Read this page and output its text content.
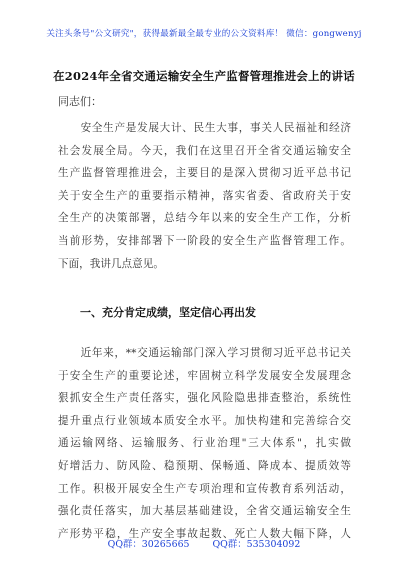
关注头条号"公文研究"，获得最新最全最专业的公文资料库！ 微信：gongwenyj
在2024年全省交通运输安全生产监督管理推进会上的讲话
同志们：
　　安全生产是发展大计、民生大事，事关人民福祉和经济
社会发展全局。今天，我们在这里召开全省交通运输安全
生产监督管理推进会，主要目的是深入贯彻习近平总书记
关于安全生产的重要指示精神，落实省委、省政府关于安
全生产的决策部署，总结今年以来的安全生产工作，分析
当前形势，安排部署下一阶段的安全生产监督管理工作。
下面，我讲几点意见。
一、充分肯定成绩，坚定信心再出发
　　近年来，**交通运输部门深入学习贯彻习近平总书记关
于安全生产的重要论述，牢固树立科学发展安全发展理念
狠抓安全生产责任落实，强化风险隐患排查整治，系统性
提升重点行业领域本质安全水平。加快构建和完善综合交
通运输网络、运输服务、行业治理"三大体系"，扎实做
好增活力、防风险、稳预期、保畅通、降成本、提质效等
工作。积极开展安全生产专项治理和宣传教育系列活动，
强化责任落实，加大基层基础建设，全省交通运输安全生
产形势平稳，生产安全事故起数、死亡人数大幅下降，人
QQ群：30265665 QQ群：535304092
